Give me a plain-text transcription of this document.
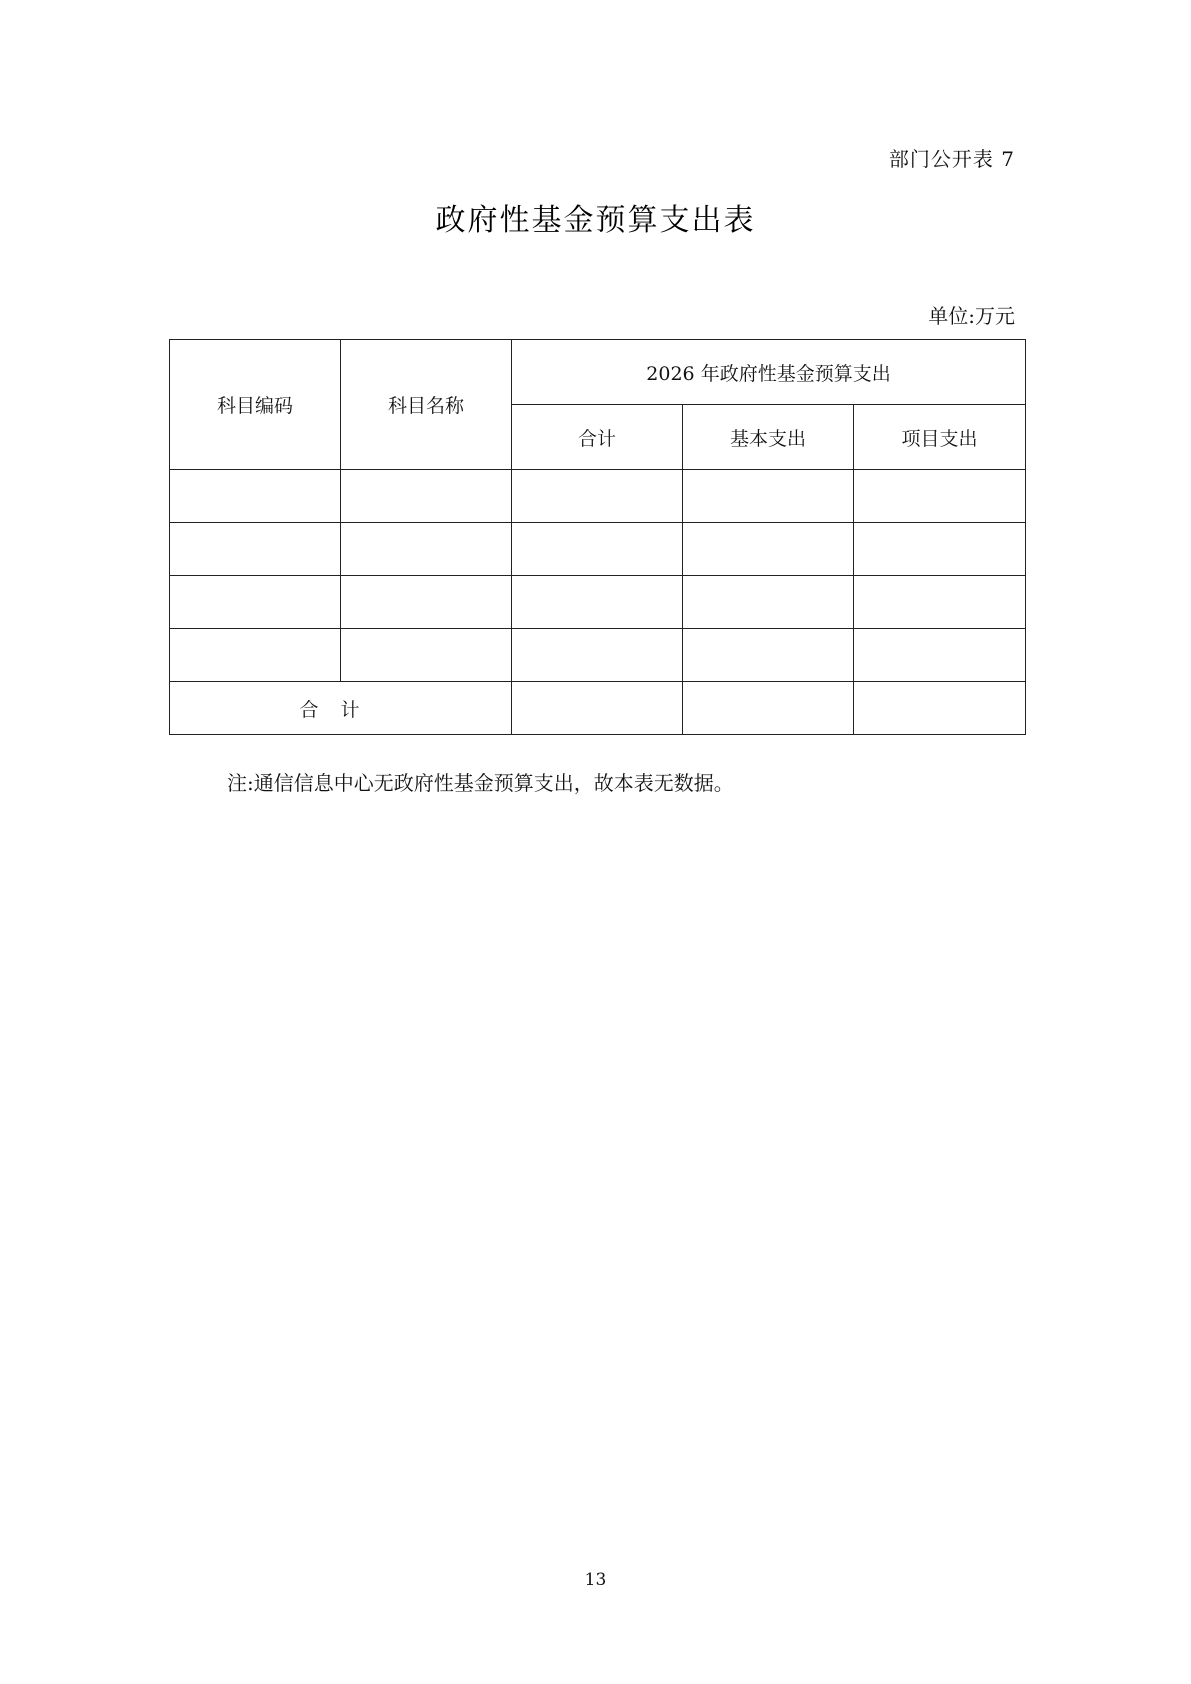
部门公开表 7
政府性基金预算支出表
单位:万元
科目编码	科目名称	2026 年政府性基金预算支出		
		合计	基本支出	项目支出

合计				
注:通信信息中心无政府性基金预算支出，故本表无数据。
13
